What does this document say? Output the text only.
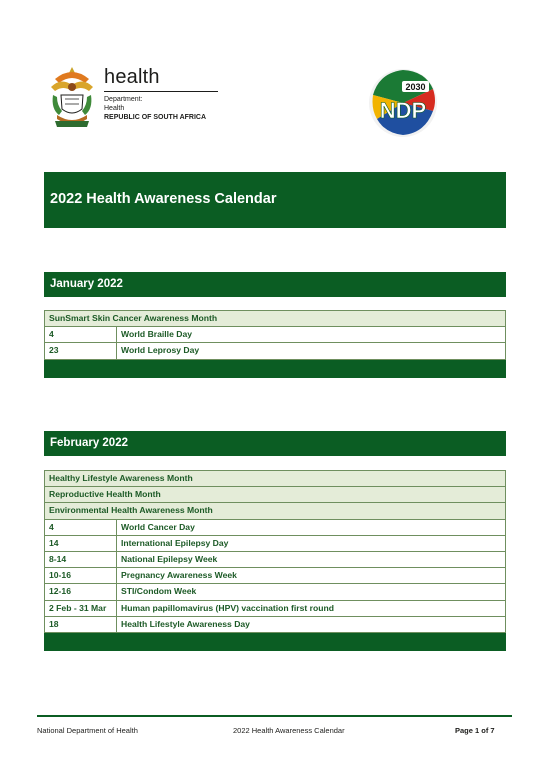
health
Department:
Health
REPUBLIC OF SOUTH AFRICA
2030
NDP
2022 Health Awareness Calendar
January 2022
SunSmart Skin Cancer Awareness Month	
4	World Braille Day
23	World Leprosy Day

February 2022
Healthy Lifestyle Awareness Month	
Reproductive Health Month	
Environmental Health Awareness Month	
4	World Cancer Day
14	International Epilepsy Day
8-14	National Epilepsy Week
10-16	Pregnancy Awareness Week
12-16	STI/Condom Week
2 Feb - 31 Mar	Human papillomavirus (HPV) vaccination first round
18	Health Lifestyle Awareness Day

National Department of Health	2022 Health Awareness Calendar	Page 1 of 7
